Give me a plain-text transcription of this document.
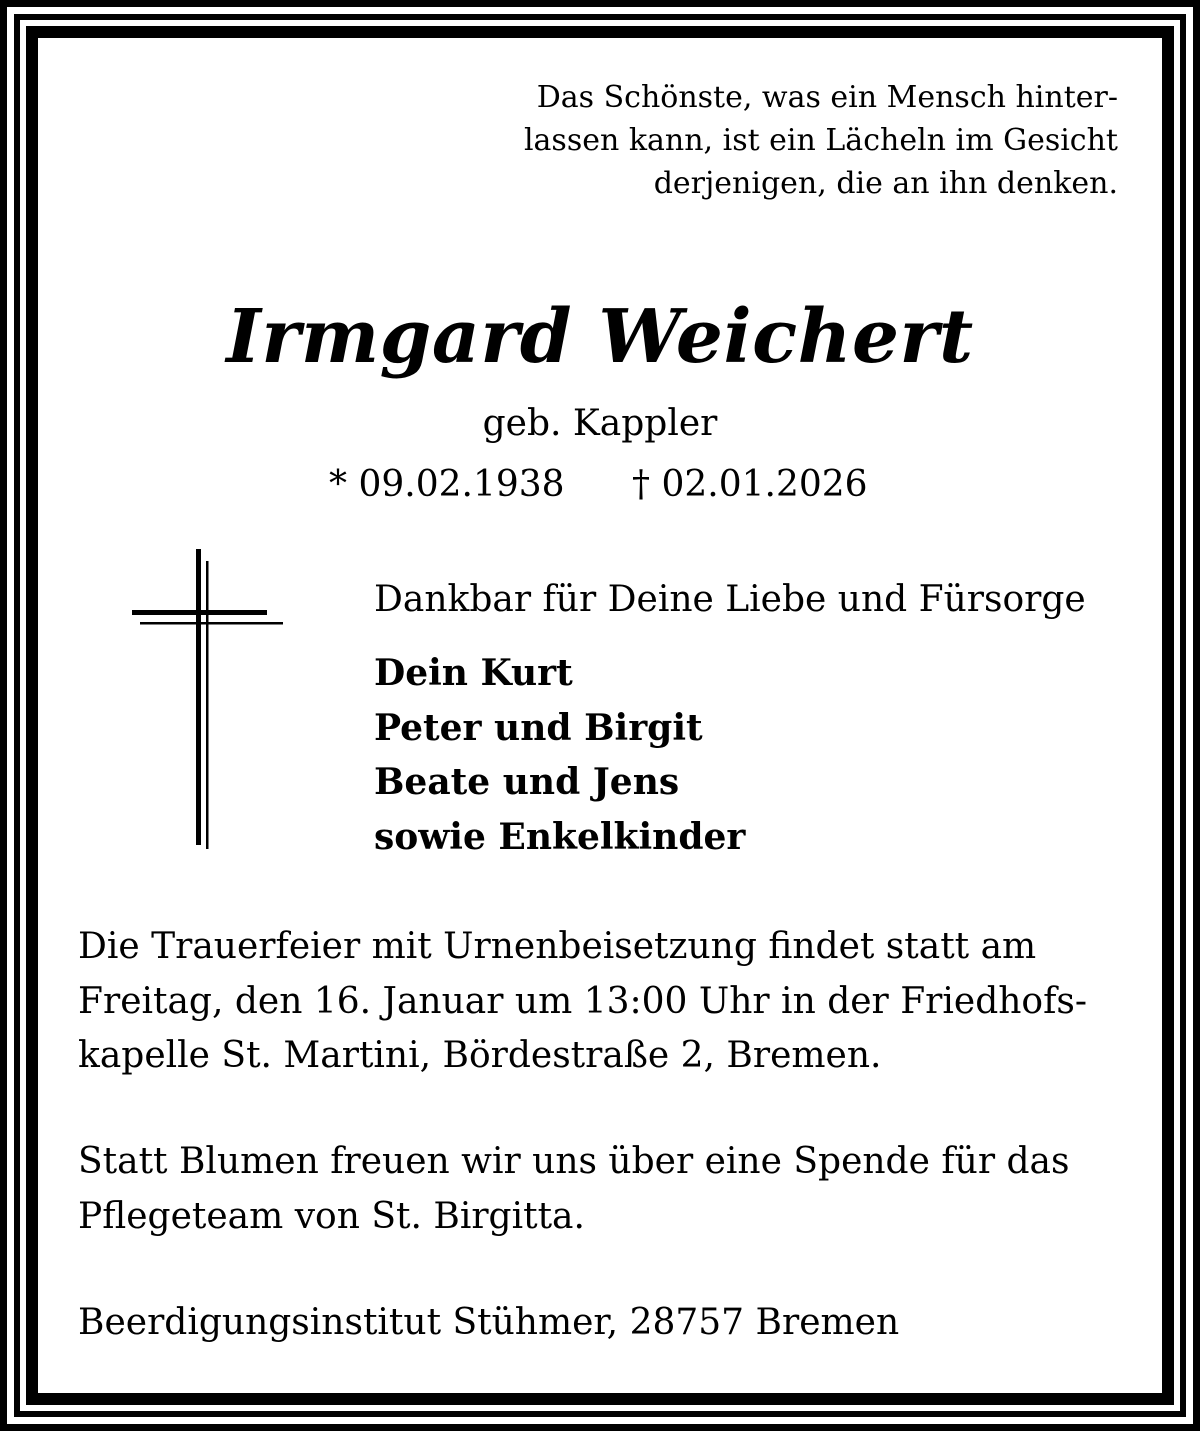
Das Schönste, was ein Mensch hinter-
lassen kann, ist ein Lächeln im Gesicht
derjenigen, die an ihn denken.
Irmgard Weichert
geb. Kappler
* 09.02.1938 † 02.01.2026
Dankbar für Deine Liebe und Fürsorge
Dein Kurt
Peter und Birgit
Beate und Jens
sowie Enkelkinder
Die Trauerfeier mit Urnenbeisetzung findet statt am
Freitag, den 16. Januar um 13:00 Uhr in der Friedhofs-
kapelle St. Martini, Bördestraße 2, Bremen.
Statt Blumen freuen wir uns über eine Spende für das
Pflegeteam von St. Birgitta.
Beerdigungsinstitut Stühmer, 28757 Bremen
